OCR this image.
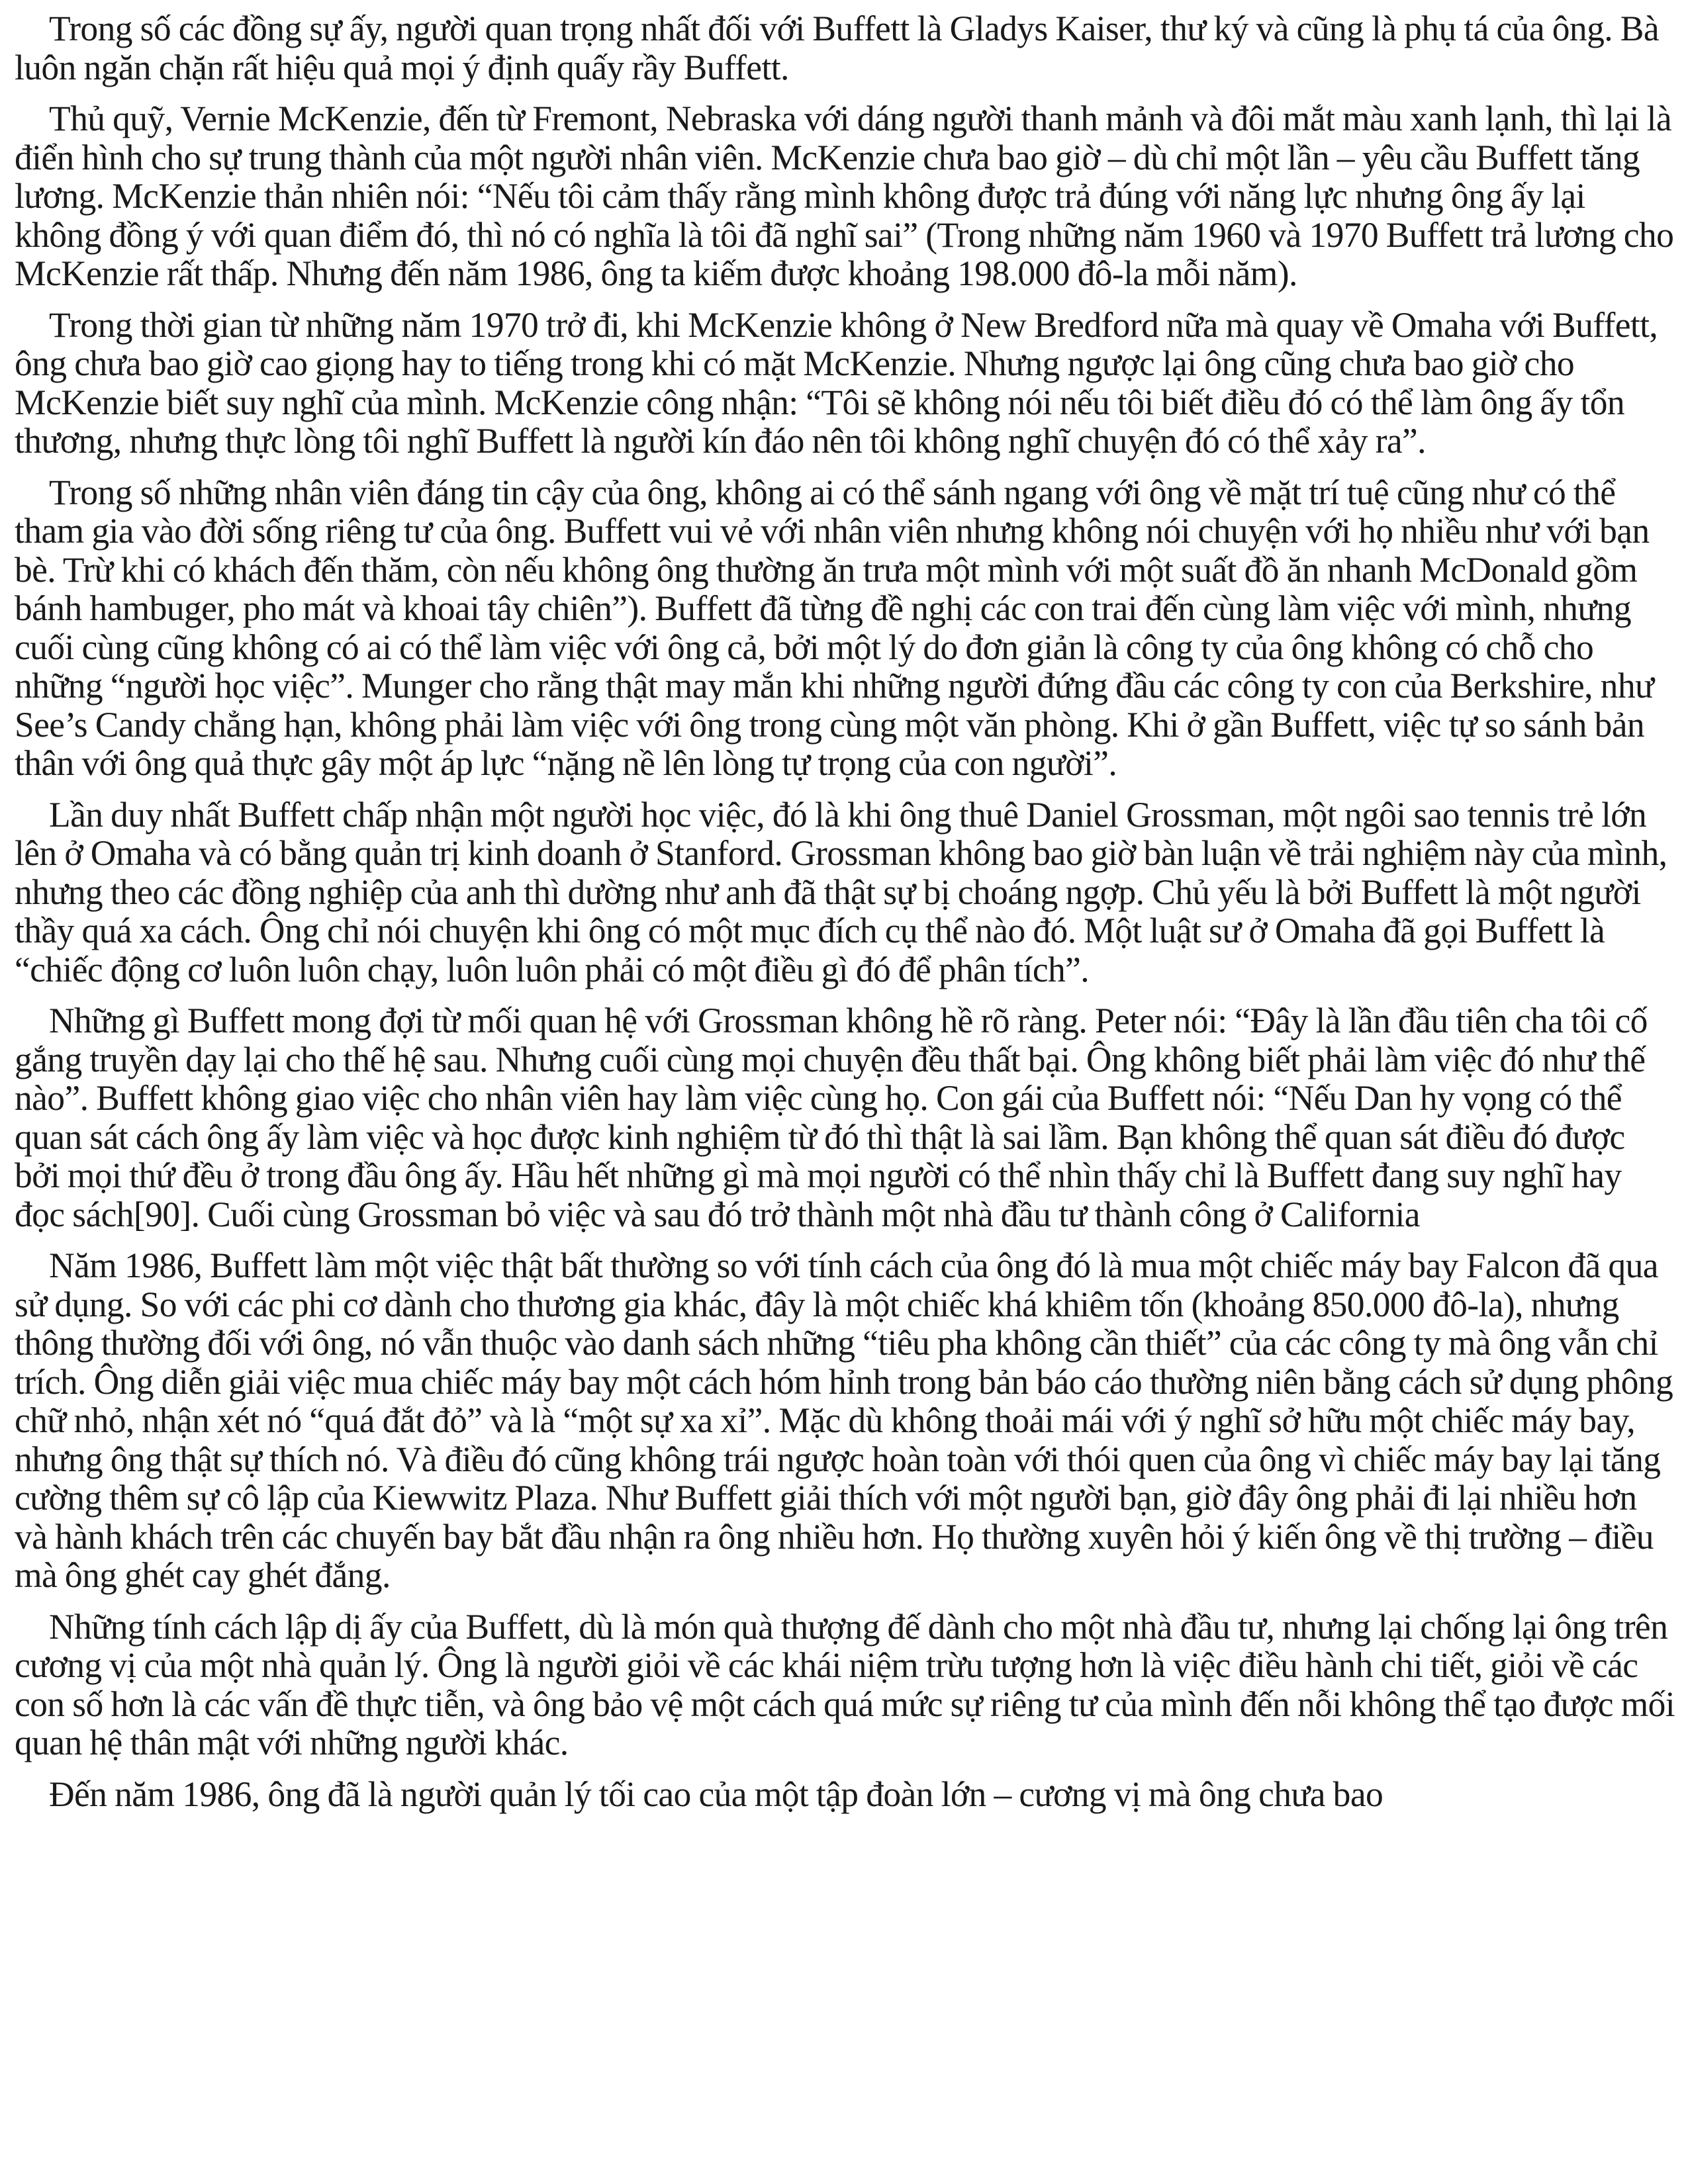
Trong số các đồng sự ấy, người quan trọng nhất đối với Buffett là Gladys Kaiser, thư ký và cũng là phụ tá của ông. Bà luôn ngăn chặn rất hiệu quả mọi ý định quấy rầy Buffett.

Thủ quỹ, Vernie McKenzie, đến từ Fremont, Nebraska với dáng người thanh mảnh và đôi mắt màu xanh lạnh, thì lại là điển hình cho sự trung thành của một người nhân viên. McKenzie chưa bao giờ – dù chỉ một lần – yêu cầu Buffett tăng lương. McKenzie thản nhiên nói: “Nếu tôi cảm thấy rằng mình không được trả đúng với năng lực nhưng ông ấy lại không đồng ý với quan điểm đó, thì nó có nghĩa là tôi đã nghĩ sai” (Trong những năm 1960 và 1970 Buffett trả lương cho McKenzie rất thấp. Nhưng đến năm 1986, ông ta kiếm được khoảng 198.000 đô-la mỗi năm).

Trong thời gian từ những năm 1970 trở đi, khi McKenzie không ở New Bredford nữa mà quay về Omaha với Buffett, ông chưa bao giờ cao giọng hay to tiếng trong khi có mặt McKenzie. Nhưng ngược lại ông cũng chưa bao giờ cho McKenzie biết suy nghĩ của mình. McKenzie công nhận: “Tôi sẽ không nói nếu tôi biết điều đó có thể làm ông ấy tổn thương, nhưng thực lòng tôi nghĩ Buffett là người kín đáo nên tôi không nghĩ chuyện đó có thể xảy ra”.

Trong số những nhân viên đáng tin cậy của ông, không ai có thể sánh ngang với ông về mặt trí tuệ cũng như có thể tham gia vào đời sống riêng tư của ông. Buffett vui vẻ với nhân viên nhưng không nói chuyện với họ nhiều như với bạn bè. Trừ khi có khách đến thăm, còn nếu không ông thường ăn trưa một mình với một suất đồ ăn nhanh McDonald gồm bánh hambuger, pho mát và khoai tây chiên”). Buffett đã từng đề nghị các con trai đến cùng làm việc với mình, nhưng cuối cùng cũng không có ai có thể làm việc với ông cả, bởi một lý do đơn giản là công ty của ông không có chỗ cho những “người học việc”. Munger cho rằng thật may mắn khi những người đứng đầu các công ty con của Berkshire, như See’s Candy chẳng hạn, không phải làm việc với ông trong cùng một văn phòng. Khi ở gần Buffett, việc tự so sánh bản thân với ông quả thực gây một áp lực “nặng nề lên lòng tự trọng của con người”.

Lần duy nhất Buffett chấp nhận một người học việc, đó là khi ông thuê Daniel Grossman, một ngôi sao tennis trẻ lớn lên ở Omaha và có bằng quản trị kinh doanh ở Stanford. Grossman không bao giờ bàn luận về trải nghiệm này của mình, nhưng theo các đồng nghiệp của anh thì dường như anh đã thật sự bị choáng ngợp. Chủ yếu là bởi Buffett là một người thầy quá xa cách. Ông chỉ nói chuyện khi ông có một mục đích cụ thể nào đó. Một luật sư ở Omaha đã gọi Buffett là “chiếc động cơ luôn luôn chạy, luôn luôn phải có một điều gì đó để phân tích”.

Những gì Buffett mong đợi từ mối quan hệ với Grossman không hề rõ ràng. Peter nói: “Đây là lần đầu tiên cha tôi cố gắng truyền dạy lại cho thế hệ sau. Nhưng cuối cùng mọi chuyện đều thất bại. Ông không biết phải làm việc đó như thế nào”. Buffett không giao việc cho nhân viên hay làm việc cùng họ. Con gái của Buffett nói: “Nếu Dan hy vọng có thể quan sát cách ông ấy làm việc và học được kinh nghiệm từ đó thì thật là sai lầm. Bạn không thể quan sát điều đó được bởi mọi thứ đều ở trong đầu ông ấy. Hầu hết những gì mà mọi người có thể nhìn thấy chỉ là Buffett đang suy nghĩ hay đọc sách[90]. Cuối cùng Grossman bỏ việc và sau đó trở thành một nhà đầu tư thành công ở California

Năm 1986, Buffett làm một việc thật bất thường so với tính cách của ông đó là mua một chiếc máy bay Falcon đã qua sử dụng. So với các phi cơ dành cho thương gia khác, đây là một chiếc khá khiêm tốn (khoảng 850.000 đô-la), nhưng thông thường đối với ông, nó vẫn thuộc vào danh sách những “tiêu pha không cần thiết” của các công ty mà ông vẫn chỉ trích. Ông diễn giải việc mua chiếc máy bay một cách hóm hỉnh trong bản báo cáo thường niên bằng cách sử dụng phông chữ nhỏ, nhận xét nó “quá đắt đỏ” và là “một sự xa xỉ”. Mặc dù không thoải mái với ý nghĩ sở hữu một chiếc máy bay, nhưng ông thật sự thích nó. Và điều đó cũng không trái ngược hoàn toàn với thói quen của ông vì chiếc máy bay lại tăng cường thêm sự cô lập của Kiewwitz Plaza. Như Buffett giải thích với một người bạn, giờ đây ông phải đi lại nhiều hơn và hành khách trên các chuyến bay bắt đầu nhận ra ông nhiều hơn. Họ thường xuyên hỏi ý kiến ông về thị trường – điều mà ông ghét cay ghét đắng.

Những tính cách lập dị ấy của Buffett, dù là món quà thượng đế dành cho một nhà đầu tư, nhưng lại chống lại ông trên cương vị của một nhà quản lý. Ông là người giỏi về các khái niệm trừu tượng hơn là việc điều hành chi tiết, giỏi về các con số hơn là các vấn đề thực tiễn, và ông bảo vệ một cách quá mức sự riêng tư của mình đến nỗi không thể tạo được mối quan hệ thân mật với những người khác.

Đến năm 1986, ông đã là người quản lý tối cao của một tập đoàn lớn – cương vị mà ông chưa bao
